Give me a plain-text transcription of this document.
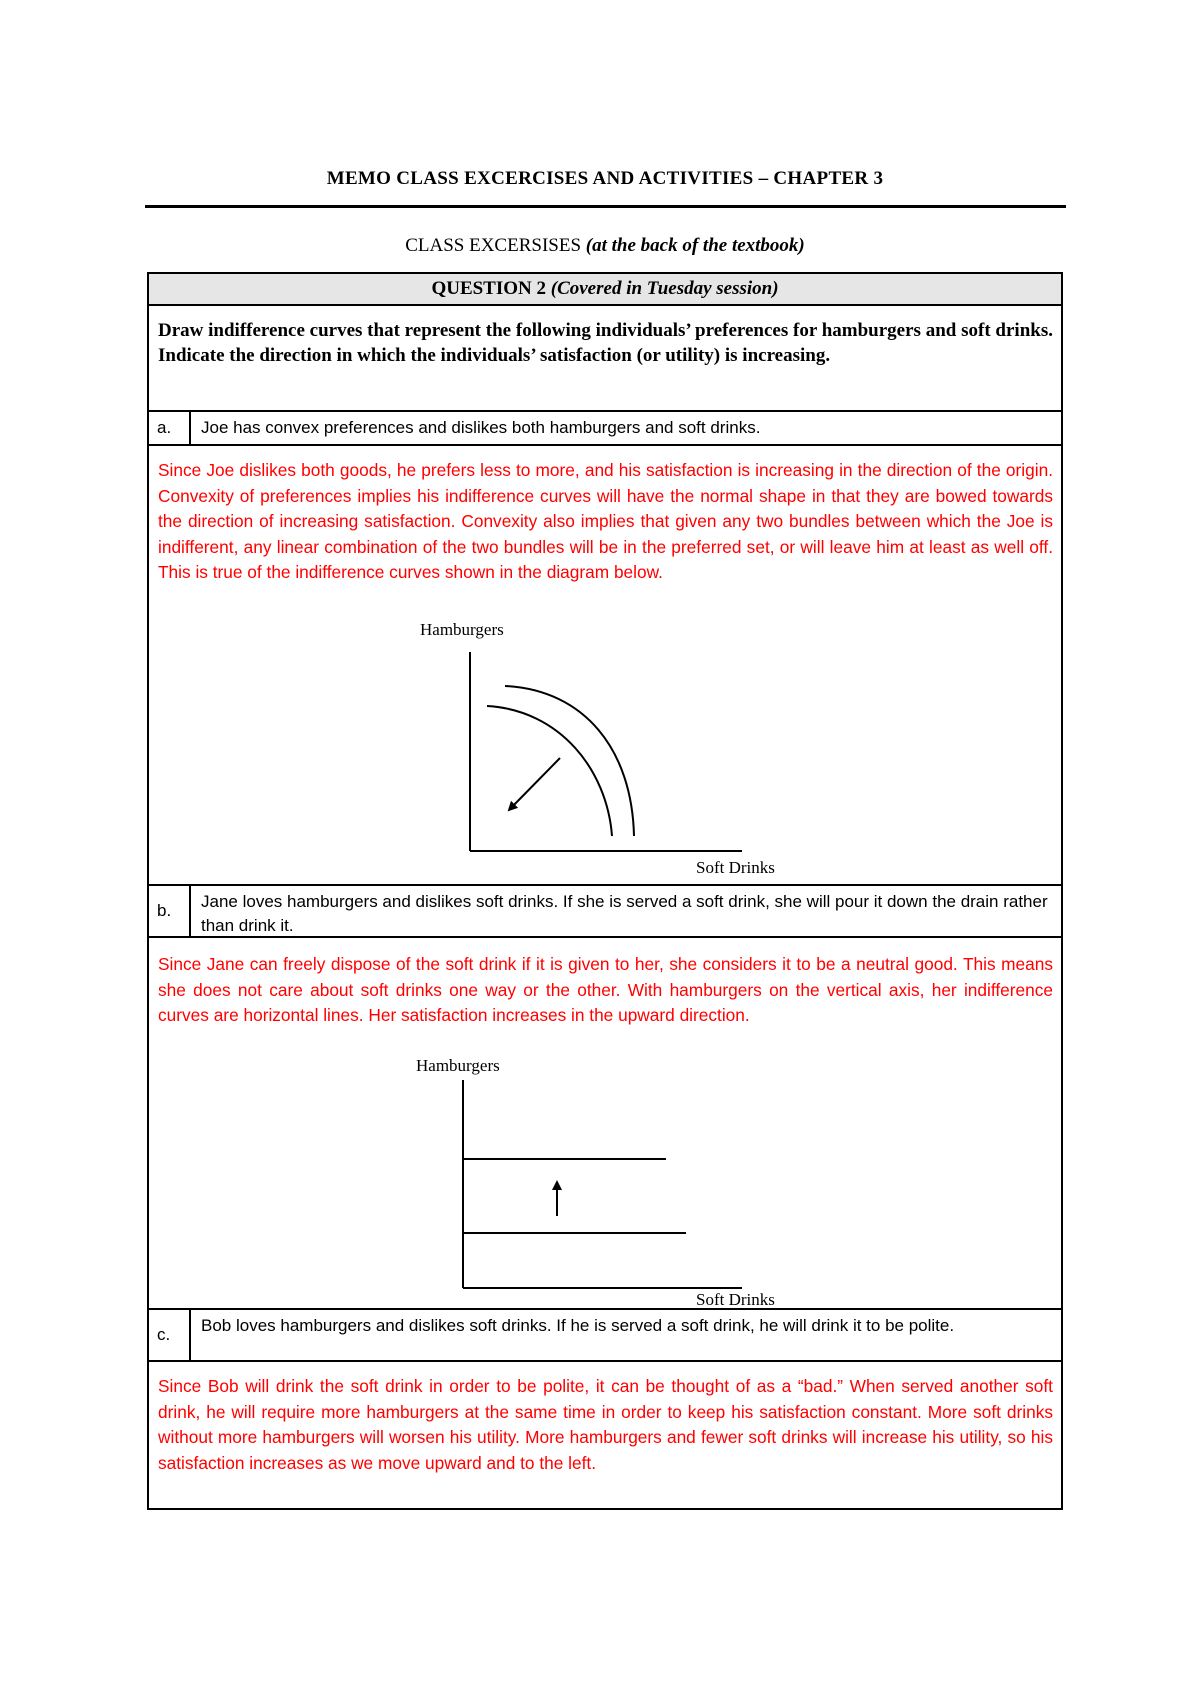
MEMO CLASS EXCERCISES AND ACTIVITIES – CHAPTER 3
CLASS EXCERSISES (at the back of the textbook)
QUESTION 2 (Covered in Tuesday session)
Draw indifference curves that represent the following individuals’ preferences for hamburgers and soft drinks. Indicate the direction in which the individuals’ satisfaction (or utility) is increasing.
a. Joe has convex preferences and dislikes both hamburgers and soft drinks.
Since Joe dislikes both goods, he prefers less to more, and his satisfaction is increasing in the direction of the origin. Convexity of preferences implies his indifference curves will have the normal shape in that they are bowed towards the direction of increasing satisfaction. Convexity also implies that given any two bundles between which the Joe is indifferent, any linear combination of the two bundles will be in the preferred set, or will leave him at least as well off. This is true of the indifference curves shown in the diagram below.
Hamburgers
Soft Drinks
b. Jane loves hamburgers and dislikes soft drinks. If she is served a soft drink, she will pour it down the drain rather than drink it.
Since Jane can freely dispose of the soft drink if it is given to her, she considers it to be a neutral good. This means she does not care about soft drinks one way or the other. With hamburgers on the vertical axis, her indifference curves are horizontal lines. Her satisfaction increases in the upward direction.
Hamburgers
Soft Drinks
c. Bob loves hamburgers and dislikes soft drinks. If he is served a soft drink, he will drink it to be polite.
Since Bob will drink the soft drink in order to be polite, it can be thought of as a “bad.” When served another soft drink, he will require more hamburgers at the same time in order to keep his satisfaction constant. More soft drinks without more hamburgers will worsen his utility. More hamburgers and fewer soft drinks will increase his utility, so his satisfaction increases as we move upward and to the left.
